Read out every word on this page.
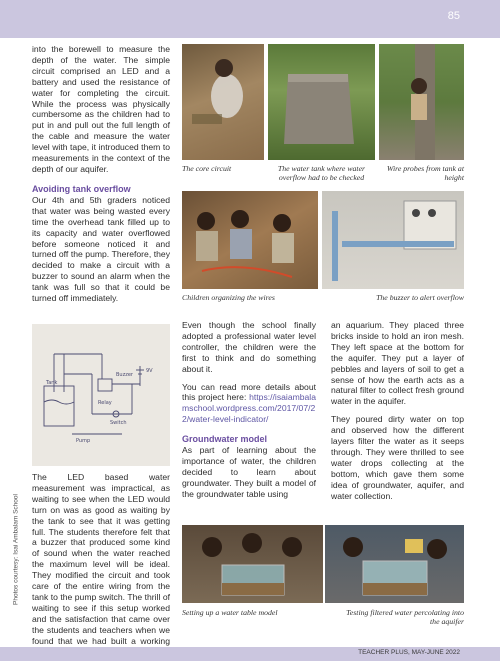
85

into the borewell to measure the depth of the water. The simple circuit comprised an LED and a battery and used the resistance of water for completing the circuit. While the process was physically cumbersome as the children had to put in and pull out the full length of the cable and measure the water level with tape, it introduced them to measurements in the context of the depth of our aquifer.

Avoiding tank overflow

Our 4th and 5th graders noticed that water was being wasted every time the overhead tank filled up to its capacity and water overflowed before someone noticed it and turned off the pump. Therefore, they decided to make a circuit with a buzzer to sound an alarm when the tank was full so that it could be turned off immediately.

Tank
Buzzer
9V
Pump
Relay
Switch

The LED based water measurement was impractical, as waiting to see when the LED would turn on was as good as waiting by the tank to see that it was getting full. The students therefore felt that a buzzer that produced some kind of sound when the water reached the maximum level will be ideal. They modified the circuit and took care of the entire wiring from the tank to the pump switch. The thrill of waiting to see if this setup worked and the satisfaction that came over the students and teachers when we found that we had built a working

Photos courtesy: Isai Ambalam School
The core circuit	The water tank where water overflow had to be checked
Wire probes from tank at height
Children organizing the wires	The buzzer to alert overflow

Even though the school finally adopted a professional water level controller, the children were the first to think and do something about it.

You can read more details about this project here: https://isaiambalamschool.wordpress.com/2017/07/22/water-level-indicator/

Groundwater model

As part of learning about the importance of water, the children decided to learn about groundwater. They built a model of the groundwater table using

an aquarium. They placed three bricks inside to hold an iron mesh. They left space at the bottom for the aquifer. They put a layer of pebbles and layers of soil to get a sense of how the earth acts as a natural filter to collect fresh ground water in the aquifer.

They poured dirty water on top and observed how the different layers filter the water as it seeps through. They were thrilled to see water drops collecting at the bottom, which gave them some idea of groundwater, aquifer, and water collection.

Setting up a water table model	Testing filtered water percolating into the aquifer
TEACHER PLUS, MAY-JUNE 2022
